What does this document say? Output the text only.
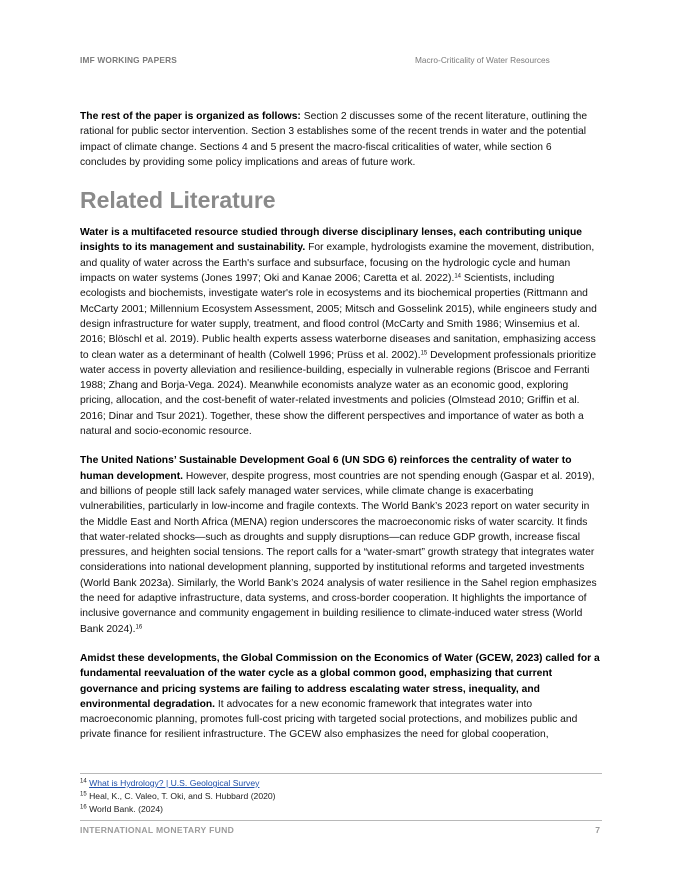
IMF WORKING PAPERS	Macro-Criticality of Water Resources

The rest of the paper is organized as follows: Section 2 discusses some of the recent literature, outlining the rational for public sector intervention. Section 3 establishes some of the recent trends in water and the potential impact of climate change. Sections 4 and 5 present the macro-fiscal criticalities of water, while section 6 concludes by providing some policy implications and areas of future work.

Related Literature

Water is a multifaceted resource studied through diverse disciplinary lenses, each contributing unique insights to its management and sustainability. For example, hydrologists examine the movement, distribution, and quality of water across the Earth's surface and subsurface, focusing on the hydrologic cycle and human impacts on water systems (Jones 1997; Oki and Kanae 2006; Caretta et al. 2022).$^{14}$ Scientists, including ecologists and biochemists, investigate water's role in ecosystems and its biochemical properties (Rittmann and McCarty 2001; Millennium Ecosystem Assessment, 2005; Mitsch and Gosselink 2015), while engineers study and design infrastructure for water supply, treatment, and flood control (McCarty and Smith 1986; Winsemius et al. 2016; Blöschl et al. 2019). Public health experts assess waterborne diseases and sanitation, emphasizing access to clean water as a determinant of health (Colwell 1996; Prüss et al. 2002).$^{15}$ Development professionals prioritize water access in poverty alleviation and resilience-building, especially in vulnerable regions (Briscoe and Ferranti 1988; Zhang and Borja-Vega. 2024). Meanwhile economists analyze water as an economic good, exploring pricing, allocation, and the cost-benefit of water-related investments and policies (Olmstead 2010; Griffin et al. 2016; Dinar and Tsur 2021). Together, these show the different perspectives and importance of water as both a natural and socio-economic resource.

The United Nations’ Sustainable Development Goal 6 (UN SDG 6) reinforces the centrality of water to human development. However, despite progress, most countries are not spending enough (Gaspar et al. 2019), and billions of people still lack safely managed water services, while climate change is exacerbating vulnerabilities, particularly in low-income and fragile contexts. The World Bank’s 2023 report on water security in the Middle East and North Africa (MENA) region underscores the macroeconomic risks of water scarcity. It finds that water-related shocks—such as droughts and supply disruptions—can reduce GDP growth, increase fiscal pressures, and heighten social tensions. The report calls for a “water-smart” growth strategy that integrates water considerations into national development planning, supported by institutional reforms and targeted investments (World Bank 2023a). Similarly, the World Bank’s 2024 analysis of water resilience in the Sahel region emphasizes the need for adaptive infrastructure, data systems, and cross-border cooperation. It highlights the importance of inclusive governance and community engagement in building resilience to climate-induced water stress (World Bank 2024).$^{16}$

Amidst these developments, the Global Commission on the Economics of Water (GCEW, 2023) called for a fundamental reevaluation of the water cycle as a global common good, emphasizing that current governance and pricing systems are failing to address escalating water stress, inequality, and environmental degradation. It advocates for a new economic framework that integrates water into macroeconomic planning, promotes full-cost pricing with targeted social protections, and mobilizes public and private finance for resilient infrastructure. The GCEW also emphasizes the need for global cooperation,

$^{14}$ What is Hydrology? | U.S. Geological Survey
$^{15}$ Heal, K., C. Valeo, T. Oki, and S. Hubbard (2020)
$^{16}$ World Bank. (2024)
INTERNATIONAL MONETARY FUND	7
